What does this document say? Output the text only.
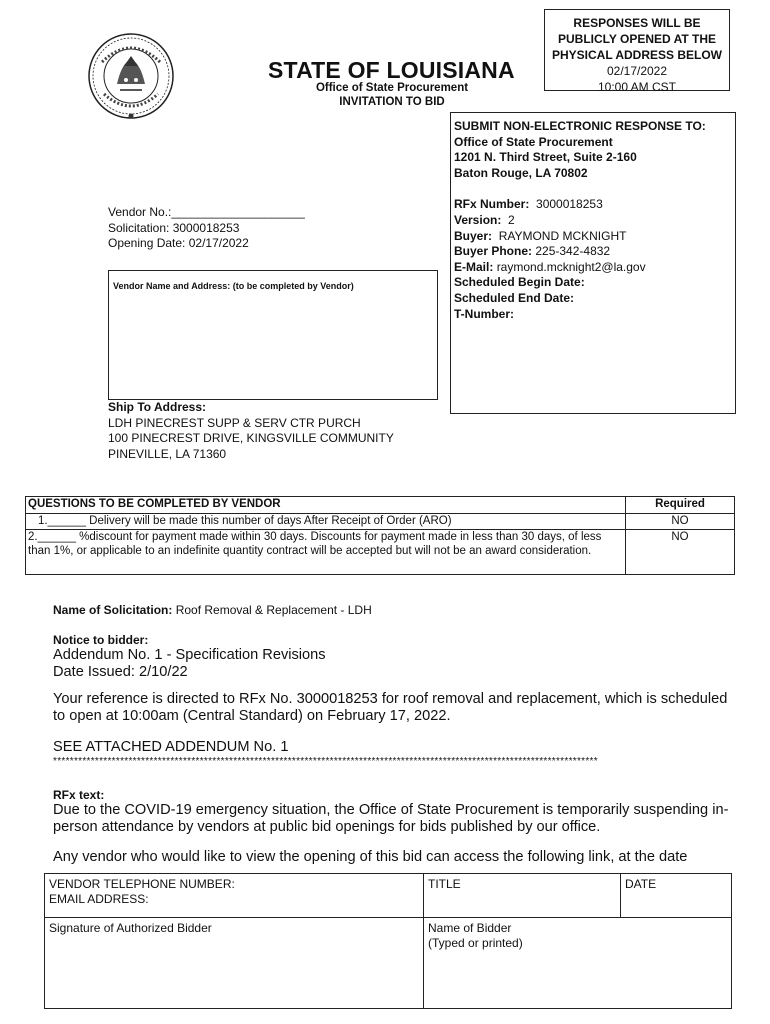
STATE OF LOUISIANA
Office of State Procurement
INVITATION TO BID
RESPONSES WILL BE
PUBLICLY OPENED AT THE
PHYSICAL ADDRESS BELOW
02/17/2022
10:00 AM CST
SUBMIT NON-ELECTRONIC RESPONSE TO:
Office of State Procurement
1201 N. Third Street, Suite 2-160
Baton Rouge, LA 70802
RFx Number: 3000018253
Version: 2
Buyer: RAYMOND MCKNIGHT
Buyer Phone: 225-342-4832
E-Mail: raymond.mcknight2@la.gov
Scheduled Begin Date:
Scheduled End Date:
T-Number:
Vendor No.:____________________
Solicitation: 3000018253
Opening Date: 02/17/2022
Vendor Name and Address: (to be completed by Vendor)
Ship To Address:
LDH PINECREST SUPP & SERV CTR PURCH
100 PINECREST DRIVE, KINGSVILLE COMMUNITY
PINEVILLE, LA 71360
QUESTIONS TO BE COMPLETED BY VENDOR	Required
1.______ Delivery will be made this number of days After Receipt of Order (ARO)	NO
2.______ %discount for payment made within 30 days. Discounts for payment made in less than 30 days, of less than 1%, or applicable to an indefinite quantity contract will be accepted but will not be an award consideration.	NO
Name of Solicitation: Roof Removal & Replacement - LDH
Notice to bidder:
Addendum No. 1 - Specification Revisions
Date Issued: 2/10/22
Your reference is directed to RFx No. 3000018253 for roof removal and replacement, which is scheduled to open at 10:00am (Central Standard) on February 17, 2022.
SEE ATTACHED ADDENDUM No. 1
**********************************************************************************************************************************
RFx text:
Due to the COVID-19 emergency situation, the Office of State Procurement is temporarily suspending in-person attendance by vendors at public bid openings for bids published by our office.
Any vendor who would like to view the opening of this bid can access the following link, at the date
VENDOR TELEPHONE NUMBER:
EMAIL ADDRESS:	TITLE	DATE
Signature of Authorized Bidder	Name of Bidder
(Typed or printed)	
